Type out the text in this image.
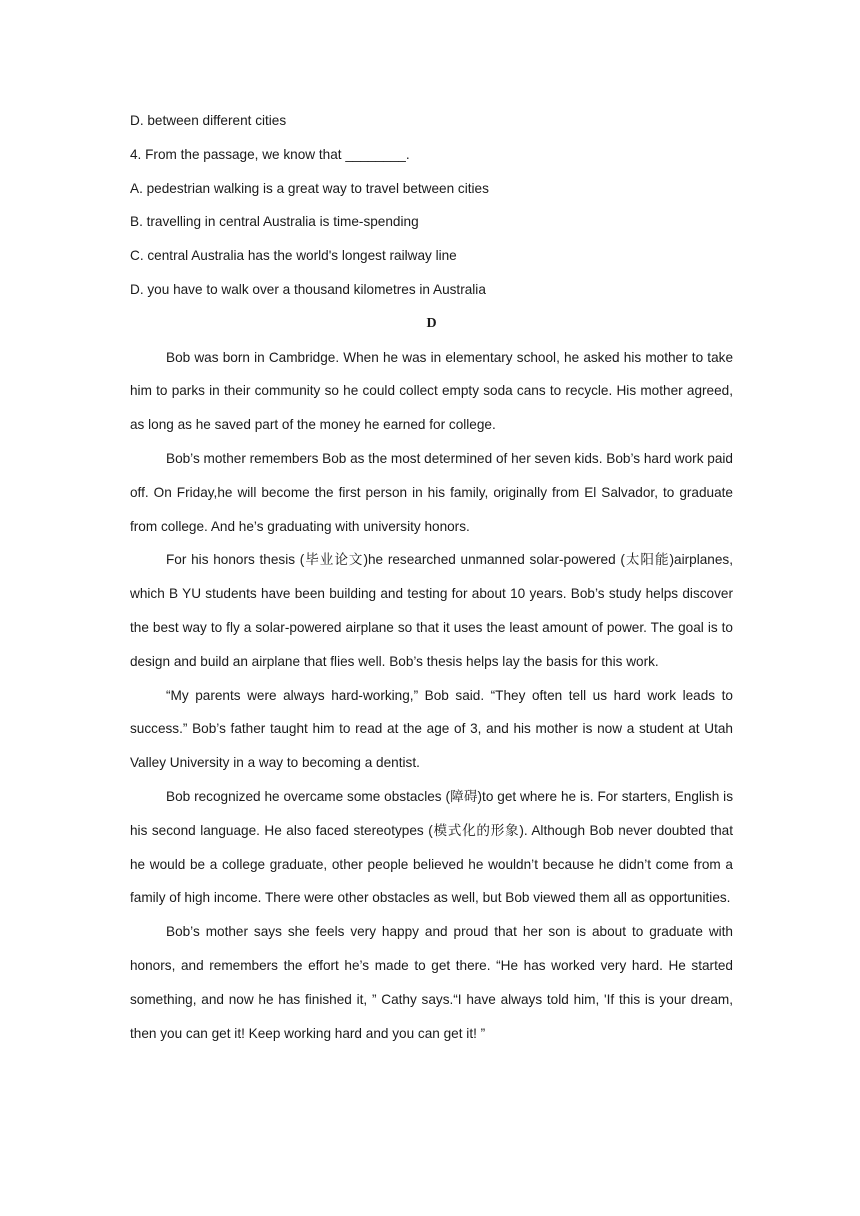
D. between different cities
4. From the passage, we know that ________.
A. pedestrian walking is a great way to travel between cities
B. travelling in central Australia is time-spending
C. central Australia has the world's longest railway line
D. you have to walk over a thousand kilometres in Australia
D

Bob was born in Cambridge. When he was in elementary school, he asked his mother to take him to parks in their community so he could collect empty soda cans to recycle. His mother agreed, as long as he saved part of the money he earned for college.

Bob’s mother remembers Bob as the most determined of her seven kids. Bob’s hard work paid off. On Friday,he will become the first person in his family, originally from El Salvador, to graduate from college. And he’s graduating with university honors.

For his honors thesis (毕业论文)he researched unmanned solar-powered (太阳能)airplanes, which B YU students have been building and testing for about 10 years. Bob’s study helps discover the best way to fly a solar-powered airplane so that it uses the least amount of power. The goal is to design and build an airplane that flies well. Bob’s thesis helps lay the basis for this work.

“My parents were always hard-working,” Bob said. “They often tell us hard work leads to success.” Bob’s father taught him to read at the age of 3, and his mother is now a student at Utah Valley University in a way to becoming a dentist.

Bob recognized he overcame some obstacles (障碍)to get where he is. For starters, English is his second language. He also faced stereotypes (模式化的形象). Although Bob never doubted that he would be a college graduate, other people believed he wouldn’t because he didn’t come from a family of high income. There were other obstacles as well, but Bob viewed them all as opportunities.

Bob’s mother says she feels very happy and proud that her son is about to graduate with honors, and remembers the effort he’s made to get there. “He has worked very hard. He started something, and now he has finished it, ” Cathy says.“I have always told him, 'If this is your dream, then you can get it! Keep working hard and you can get it! ”
